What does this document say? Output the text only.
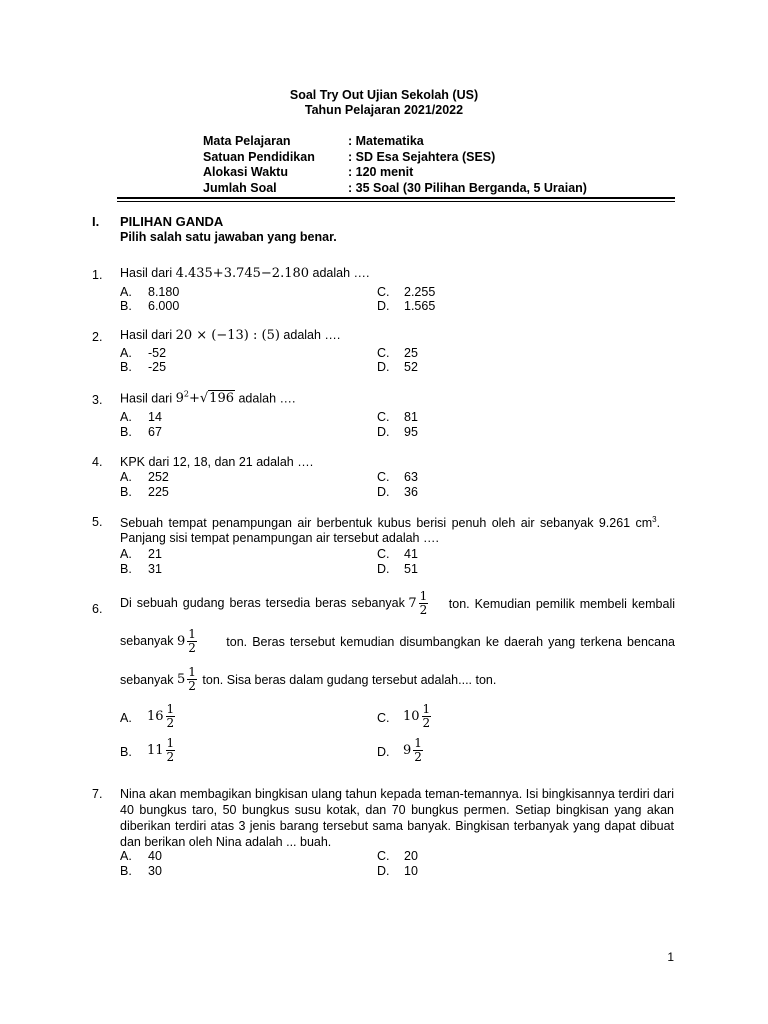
Soal Try Out Ujian Sekolah (US)
Tahun Pelajaran 2021/2022
Mata Pelajaran	: Matematika
Satuan Pendidikan	: SD Esa Sejahtera (SES)
Alokasi Waktu	: 120 menit
Jumlah Soal	: 35 Soal (30 Pilihan Berganda, 5 Uraian)
I. PILIHAN GANDA
Pilih salah satu jawaban yang benar.
1. Hasil dari 4.435+3.745−2.180 adalah ….
A. 8.180
B. 6.000
C. 2.255
D. 1.565
2. Hasil dari 20 × (−13) : (5) adalah ….
A. -52
B. -25
C. 25
D. 52
3. Hasil dari $9^2+√196$ adalah ….
A. 14
B. 67
C. 81
D. 95
4. KPK dari 12, 18, dan 21 adalah ….
A. 252
B. 225
C. 63
D. 36
5. Sebuah tempat penampungan air berbentuk kubus berisi penuh oleh air sebanyak 9.261 $cm^3$.
Panjang sisi tempat penampungan air tersebut adalah ….
A. 21
B. 31
C. 41
D. 51
6. Di sebuah gudang beras tersedia beras sebanyak $7 \frac{1}{2}$ ton. Kemudian pemilik membeli kembali
sebanyak $9 \frac{1}{2}$ ton. Beras tersebut kemudian disumbangkan ke daerah yang terkena bencana
sebanyak
$5 \frac{1}{2}$
ton. Sisa beras dalam gudang tersebut adalah.... ton.
A. $16 \frac{1}{2}$
B. $11 \frac{1}{2}$
C. $10 \frac{1}{2}$
D. $9 \frac{1}{2}$
7. Nina akan membagikan bingkisan ulang tahun kepada teman-temannya. Isi bingkisannya terdiri dari 40 bungkus taro, 50 bungkus susu kotak, dan 70 bungkus permen. Setiap bingkisan yang akan diberikan terdiri atas 3 jenis barang tersebut sama banyak. Bingkisan terbanyak yang dapat dibuat dan berikan oleh Nina adalah ... buah.
A. 40
B. 30
C. 20
D. 10
1
